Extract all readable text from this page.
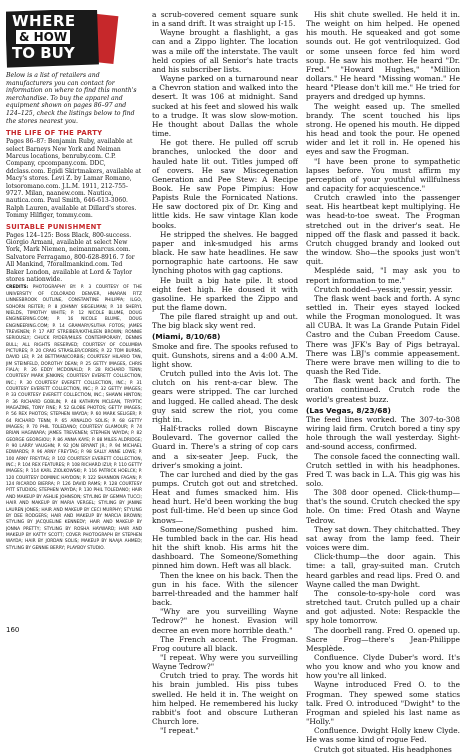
WHERE
& HOW
TO BUY

Below is a list of retailers and manufacturers you can contact for information on where to find this month's merchandise. To buy the apparel and equipment shown on pages 86–97 and 124–125, check the listings below to find the stores nearest you.

THE LIFE OF THE PARTY

Pages 86–87: Benjamin Ruby, available at select Barneys New York and Neiman Marcus locations, benruby.com. C.P. Company, cpcompany.com. DDC, ddclass.com. Egidi Skirtmakers, available at Macy's stores. Levi Z. by Lamar Romano, lotsoromano.com. J.L.M. 1911, 212-755-9727. Milan, naanew.com. Nautica, nautica.com. Paul Smith, 646-613-3060. Ralph Lauren, available at Dillard's stores. Tommy Hilfiger, tommy.com.

SUITABLE PUNISHMENT

Pages 124–125: Boss Black, 800-success. Giorgio Armani, available at select New York, Mark Niemen, neimanmarcus.com. Salvatore Ferragamo, 800-628-8916. 7 for All Mankind, 7forallmankind.com. Ted Baker London, available at Lord & Taylor stores nationwide.

CREDITS: PHOTOGRAPHY BY: P. 3 COURTESY OF THE UNIVERSITY OF COLORADO DENVER, HNARAN FITZ LINNESBROOK OUTLINE, CONSTANTINE PHILIPPA; ILGO, SOHORN REITER; P. 8 JOHNNY SIEGELMAN; P. 10 SHERYL NIELDS, TIMOTHY WHITE; P. 12 NICOLE BLUME, DOUG ENGINEERING.COM; P. 16 NICOLE BLUME, DOUG ENGINEERING.COM; P. 14 GRAMARY/SUTHA FOTOS; JAMES TREVENEN; P. 17 ART STREIBER/KATHLEEN BROWN; RONNIE SERIOUSLY; CHUCK RYDER/MILES CONTEMPORARY, DENNIS BULL; ALL RIGHTS RESERVED; COURTESY OF COLUMBIA PICTURES; P. 20 CRAIG STRASLER/CORBIS; P. 22 TOM BURNS, DAVID LEI; P. 24 BETTMAN/CORBIS; COURTESY HILARIO TAN, JIM STEINFELD, DOROTHY DEAN; P. 25 GETTY IMAGES, CHRIS FIALA; P. 26 EDDY MCDONALD; P. 28 RICHARD TENN; COURTESY MARK JENKINS; COURTESY EVERETT COLLECTION, INC.; P. 30 COURTESY EVERETT COLLECTION, INC.; P. 31 COURTESY EVERETT COLLECTION, INC.; P. 32 GETTY IMAGES; P. 33 COURTESY EVERETT COLLECTION, INC.; SHAWN HINTON; P. 36 RICHARD GOBLIN; P. 48 KATHRYN MCLEAN, TRYPTIC MAGAZINE, TONY FINE; P. 52 GLOBE PHOTOS; GETTY IMAGES; P. 56 REX PHOTOS; STEPHEN WAYDA; P. 60 MARK SELIGER; P. 64 RICHARD TENN; P. 65 ARNALDO SOLIS; P. 68 GETTY IMAGES; P. 70 PHIL TOLEDANO; COURTESY GLAMOUR; P. 74 BRIAN HAGIWARA; JAMES TREVENEN; STEPHEN WAYDA; P. 82 GEORGE GEORGIOU; P. 86 ANNA KAYE; P. 88 MILES ALDRIDGE; P. 90 LARRY VAUGHN; P. 92 JON BRYANT JR.; P. 94 MICHAEL EDWARDS; P. 96 ARNY FREYTAG; P. 98 SALLY ANNE LOWE; P. 100 ARNY FREYTAG; P. 102 COURTESY EVERETT COLLECTION, INC.; P. 104 REX FEATURES; P. 108 RICHARD IZUI; P. 110 GETTY IMAGES; P. 114 KARL ZIOLKOWSKI; P. 116 PATRICK HOELCK; P. 120 COURTESY DOMINIC HAYDON; P. 122 SHANNON FAGAN; P. 124 RICARDO BIERRA; P. 126 DAVID RAMS; P. 128 COURTESY PITT STUDIOS; STEPHEN WAYDA; P. 130 PHIL TOLEDANO; HAIR AND MAKEUP BY ASHLIE JOHNSON; STYLING BY GEMMA TUCCI; HAIR AND MAKEUP BY MARIA VERGEL; STYLING BY JANINE LAUREN JONES; HAIR AND MAKEUP BY CECI MURPHY; STYLING BY DEE RODGERS; HAIR AND MAKEUP BY MARCIA BROWN; STYLING BY JACQUELINE KENNEDY; HAIR AND MAKEUP BY JONNA PRETTY; STYLING BY ROSHA HAYWARD; HAIR AND MAKEUP BY KATTY SCOTT; COVER PHOTOGRAPH BY STEPHEN WAYDA; HAIR BY JORDAN SOLIS; MAKEUP BY NAAJA AHMED; STYLING BY GENNIE BERRY; PLAYBOY STUDIO.

a scrub-covered cement square sunk in a sand drift. It was straight up I-15.

Wayne brought a flashlight, a gas can and a Zippo lighter. The location was a mile off the interstate. The vault held copies of all Senior's hate tracts and his subscriber lists.

Wayne parked on a turnaround near a Chevron station and walked into the desert. It was 106 at midnight. Sand sucked at his feet and slowed his walk to a trudge. It was slow slow-motion. He thought about Dallas the whole time.

He got there. He pulled off scrub branches, unlocked the door and hauled hate lit out. Titles jumped off of covers. He saw Miscegenation Generation and Pee Stew: A Recipe Book. He saw Pope Pimpius: How Papists Rule the Fornicated Nations. He saw doctored pix of Dr. King and little kids. He saw vintage Klan kode books.

He stripped the shelves. He bagged paper and ink-smudged his arms black. He saw hate headlines. He saw pornographic hate cartoons. He saw lynching photos with gag captions.

He built a big hate pile. It stood eight feet high. He doused it with gasoline. He sparked the Zippo and put the flame down.

The pile flared straight up and out. The big black sky went red.

(Miami, 8/10/68)

Smoke and fire. The spooks refused to quit. Gunshots, sirens and a 4:00 A.M. light show.

Crutch pulled into the Avis lot. The clutch on his rent-a-car blew. The gears were stripped. The car lurched and lugged. He called ahead. The desk guy said screw the riot, you come right in.

Half-tracks rolled down Biscayne Boulevard. The governor called the Guard in. There's a string of cop cars and a six-seater Jeep. Fuck, the driver's smoking a joint.

The car lurched and died by the gas pumps. Crutch got out and stretched. Heat and fumes smacked him. His head hurt. He'd been working the bug post full-time. He'd been up since God knows—

Someone/Something pushed him. He tumbled back in the car. His head hit the shift knob. His arms hit the dashboard. The Someone/Something pinned him down. Heft was all black.

Then the knee on his back. Then the gun in his face. With the silencer barrel-threaded and the hammer half back.

"Why are you surveilling Wayne Tedrow?" he honest. Evasion will decree an even more horrible death."

The French accent. The Frogman. Frog couture all black.

"I repeat. Why were you surveilling Wayne Tedrow?"

Crutch tried to pray. The words hit his brain jumbled. His piss tubes swelled. He held it in. The weight on him helped. He remembered his lucky rabbit's foot and obscure Lutheran Church lore.

"I repeat."

His shit chute swelled. He held it in. The weight on him helped. He opened his mouth. He squeaked and got some sounds out. He got ventriloquized. God or some unseen force fed him word soup. He saw his mother. He heard "Dr. Fred." "Howard Hughes," "Million dollars." He heard "Missing woman." He heard "Please don't kill me." He tried for prayers and dredged up hymns.

The weight eased up. The smelled brandy. The scent touched his lips strong. He opened his mouth. He dipped his head and took the pour. He opened wider and let it roll in. He opened his eyes and saw the Frogman.

"I have been prone to sympathetic lapses before. You must affirm my perception of your youthful willfulness and capacity for acquiescence."

Crutch crawled into the passenger seat. His heartbeat kept multiplying. He was head-to-toe sweat. The Frogman stretched out in the driver's seat. He nipped off the flask and passed it back. Crutch chugged brandy and looked out the window. Sho—the spooks just won't quit.

Mespléde said, "I may ask you to report information to me."

Crutch nodded—yessir, yessir, yessir.

The flask went back and forth. A sync settled in. Their eyes stayed locked while the Frogman monologued. It was all CUBA. It was La Grande Putain Fidel Castro and the Cuban Freedom Cause. There was JFK's Bay of Pigs betrayal. There was LBJ's commie appeasement. There were brave men willing to die to quash the Red Tide.

The flask went back and forth. The oration continued. Crutch rode the world's greatest buzz.

(Las Vegas, 8/23/68)

The feed lines worked. The 307-to-308 wiring laid firm. Crutch bored a tiny spy hole through the wall yesterday. Sight-and-sound access, confirmed.

The console faced the connecting wall. Crutch settled in with his headphones. Fred T. was back in L.A. This gig was his solo.

The 308 door opened. Click-thump—that's the sound. Crutch checked the spy hole. On time: Fred Otash and Wayne Tedrow.

They sat down. They chitchatted. They sat away from the lamp feed. Their voices were dim.

Click-thump—the door again. This time: a tall, gray-suited man. Crutch heard garbles and read lips. Fred O. and Wayne called the man Dwight.

The console-to-spy-hole cord was stretched taut. Crutch pulled up a chair and got adjusted. Note: Respackle the spy hole tomorrow.

The doorbell rang. Fred O. opened up. Sacre Frog—there's Jean-Philippe Mesplède.

Confluence. Clyde Duber's word. It's who you know and who you know and how you're all linked.

Wayne introduced Fred O. to the Frogman. They spewed some statics talk. Fred O. introduced "Dwight" to the Frogman and spieled his last name as "Holly."

Confluence. Dwight Holly knew Clyde. He was some kind of rogue Fed.

Crutch got situated. His headphones

160
